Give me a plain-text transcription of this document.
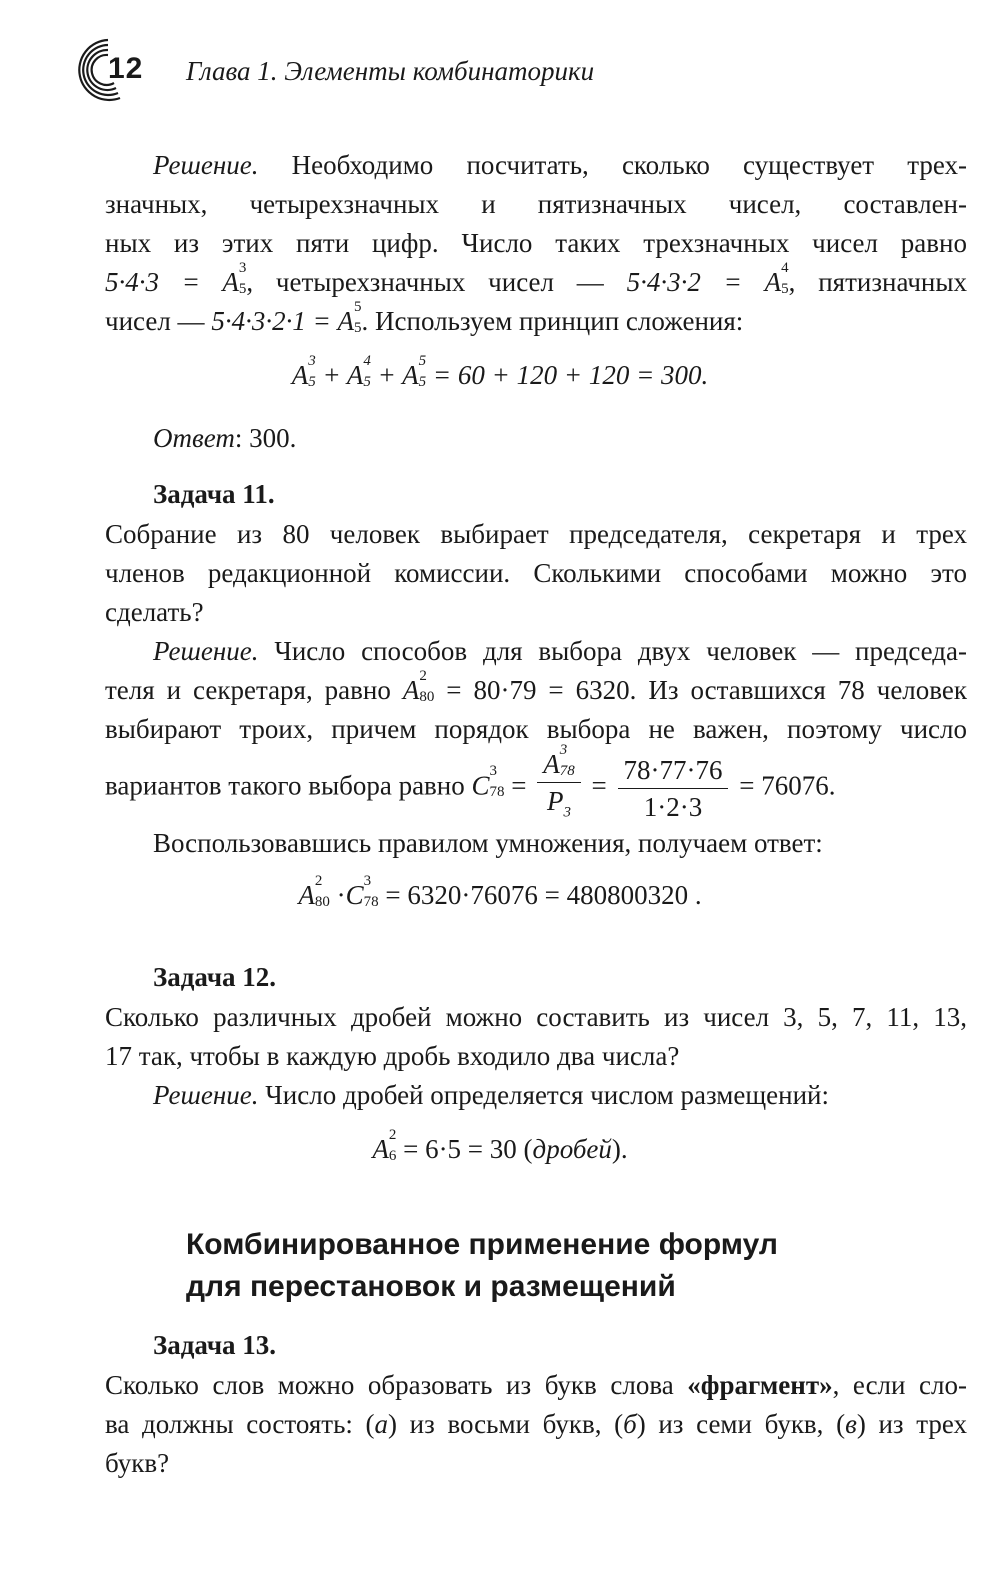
12 Глава 1. Элементы комбинаторики
Решение. Необходимо посчитать, сколько существует трех-
значных, четырехзначных и пятизначных чисел, составлен-
ных из этих пяти цифр. Число таких трехзначных чисел равно
5·4·3 = A 3
5 , четырехзначных чисел — 5·4·3·2 = A 4
5 , пятизначных
чисел — 5·4·3·2·1 = A 5
5 . Используем принцип сложения:
A 3
5 + A 4
5 + A 5
5 = 60 + 120 + 120 = 300.
Ответ: 300.
Задача 11.
Собрание из 80 человек выбирает председателя, секретаря и трех
членов редакционной комиссии. Сколькими способами можно это
сделать?
Решение. Число способов для выбора двух человек — председа-
теля и секретаря, равно A 2
80 = 80·79 = 6320. Из оставшихся 78 человек
выбирают троих, причем порядок выбора не важен, поэтому число
вариантов такого выбора равно C 3
78 = A 3
78
$P_3 = \frac{78\cdot 77\cdot 76}{1\cdot 2\cdot 3} = 76076$.
Воспользовавшись правилом умножения, получаем ответ:
A 2
80 ·C 3
78 = 6320·76076 = 480800320 .
Задача 12.
Сколько различных дробей можно составить из чисел 3, 5, 7, 11, 13,
17 так, чтобы в каждую дробь входило два числа?
Решение. Число дробей определяется числом размещений:
A 2
6 = 6·5 = 30 (дробей).
Комбинированное применение формул
для перестановок и размещений
Задача 13.
Сколько слов можно образовать из букв слова «фрагмент», если сло-
ва должны состоять: (а) из восьми букв, (б) из семи букв, (в) из трех
букв?
